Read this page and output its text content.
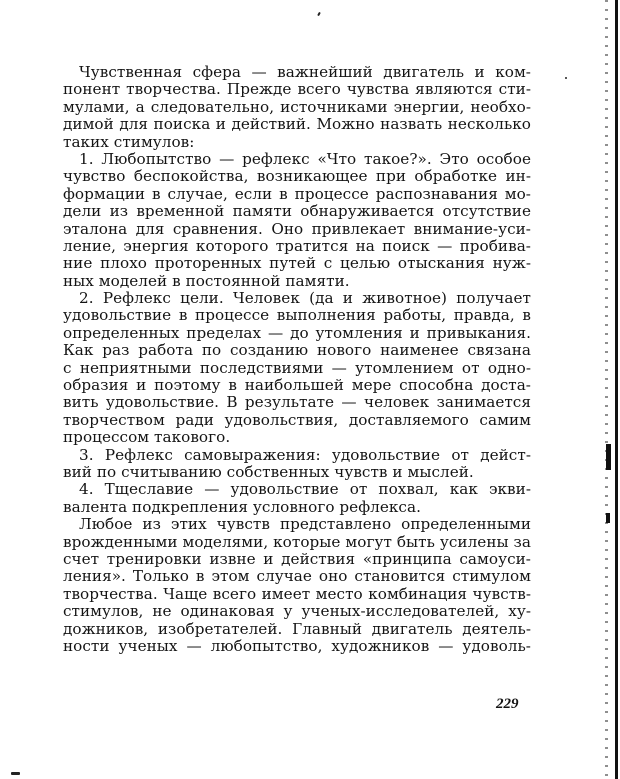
Чувственная сфера — важнейший двигатель и ком-
понент творчества. Прежде всего чувства являются сти-
мулами, а следовательно, источниками энергии, необхо-
димой для поиска и действий. Можно назвать несколько
таких стимулов:
1. Любопытство — рефлекс «Что такое?». Это особое
чувство беспокойства, возникающее при обработке ин-
формации в случае, если в процессе распознавания мо-
дели из временной памяти обнаруживается отсутствие
эталона для сравнения. Оно привлекает внимание-уси-
ление, энергия которого тратится на поиск — пробива-
ние плохо проторенных путей с целью отыскания нуж-
ных моделей в постоянной памяти.
2. Рефлекс цели. Человек (да и животное) получает
удовольствие в процессе выполнения работы, правда, в
определенных пределах — до утомления и привыкания.
Как раз работа по созданию нового наименее связана
с неприятными последствиями — утомлением от одно-
образия и поэтому в наибольшей мере способна доста-
вить удовольствие. В результате — человек занимается
творчеством ради удовольствия, доставляемого самим
процессом такового.
3. Рефлекс самовыражения: удовольствие от дейст-
вий по считыванию собственных чувств и мыслей.
4. Тщеславие — удовольствие от похвал, как экви-
валента подкрепления условного рефлекса.
Любое из этих чувств представлено определенными
врожденными моделями, которые могут быть усилены за
счет тренировки извне и действия «принципа самоуси-
ления». Только в этом случае оно становится стимулом
творчества. Чаще всего имеет место комбинация чувств-
стимулов, не одинаковая у ученых-исследователей, ху-
дожников, изобретателей. Главный двигатель деятель-
ности ученых — любопытство, художников — удоволь-
229
